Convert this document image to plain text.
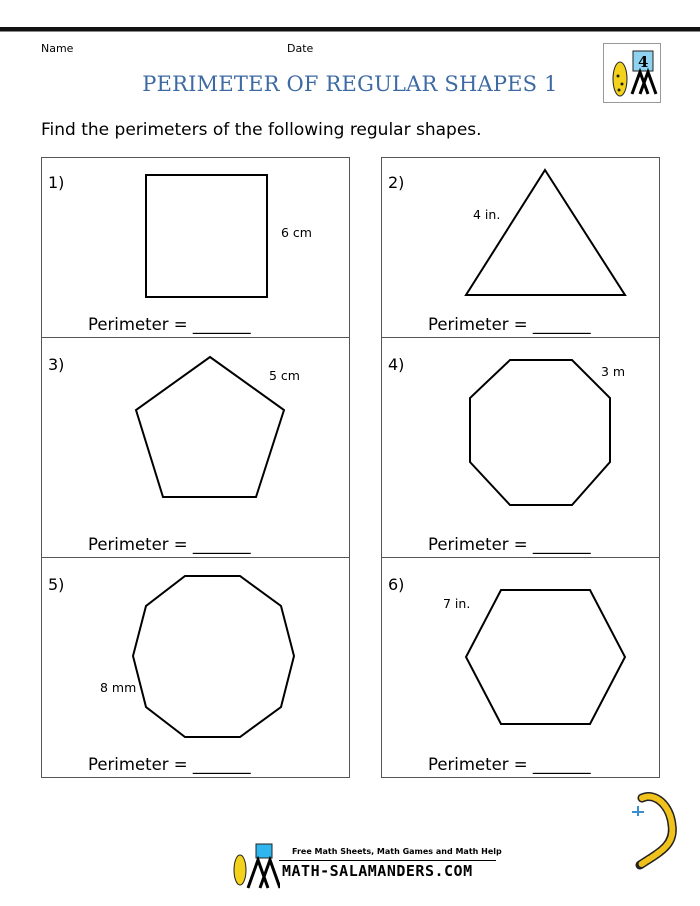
Name	Date
4
PERIMETER OF REGULAR SHAPES 1
Find the perimeters of the following regular shapes.
1)
6 cm
Perimeter = _______
2)
4 in.
Perimeter = _______
3)
5 cm
Perimeter = _______
4)	3 m
Perimeter = _______
5)
8 mm
Perimeter = _______
6)
7 in.
Perimeter = _______
Free Math Sheets, Math Games and Math Help
MATH-SALAMANDERS.COM
